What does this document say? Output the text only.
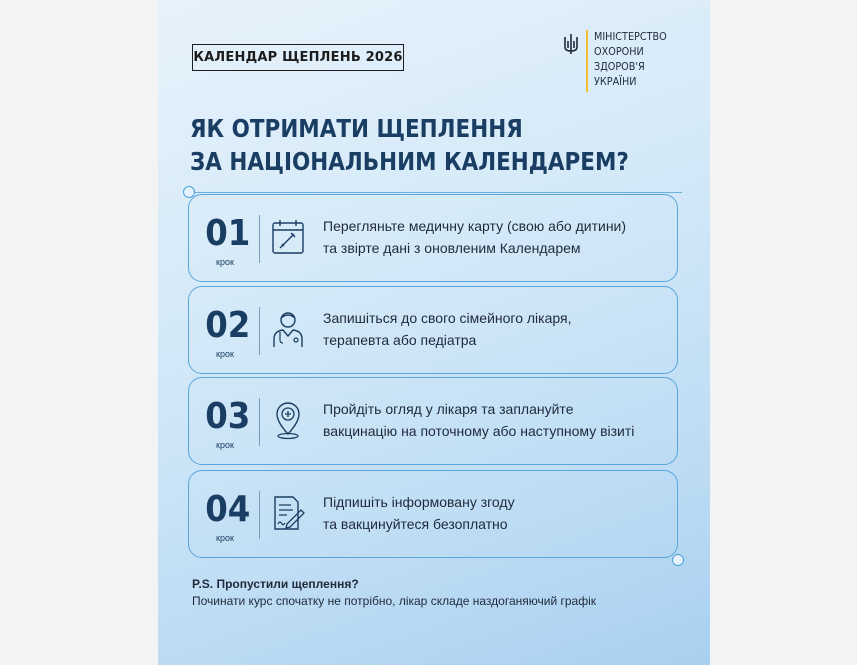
КАЛЕНДАР ЩЕПЛЕНЬ 2026
МІНІСТЕРСТВО
ОХОРОНИ
ЗДОРОВ'Я
УКРАЇНИ
ЯК ОТРИМАТИ ЩЕПЛЕННЯ
ЗА НАЦІОНАЛЬНИМ КАЛЕНДАРЕМ?
01
крок
Перегляньте медичну карту (свою або дитини)
та звірте дані з оновленим Календарем
02
крок
Запишіться до свого сімейного лікаря,
терапевта або педіатра
03
крок
Пройдіть огляд у лікаря та заплануйте
вакцинацію на поточному або наступному візиті
04
крок
Підпишіть інформовану згоду
та вакцинуйтеся безоплатно
P.S. Пропустили щеплення?
Починати курс спочатку не потрібно, лікар складе наздоганяючий графік
